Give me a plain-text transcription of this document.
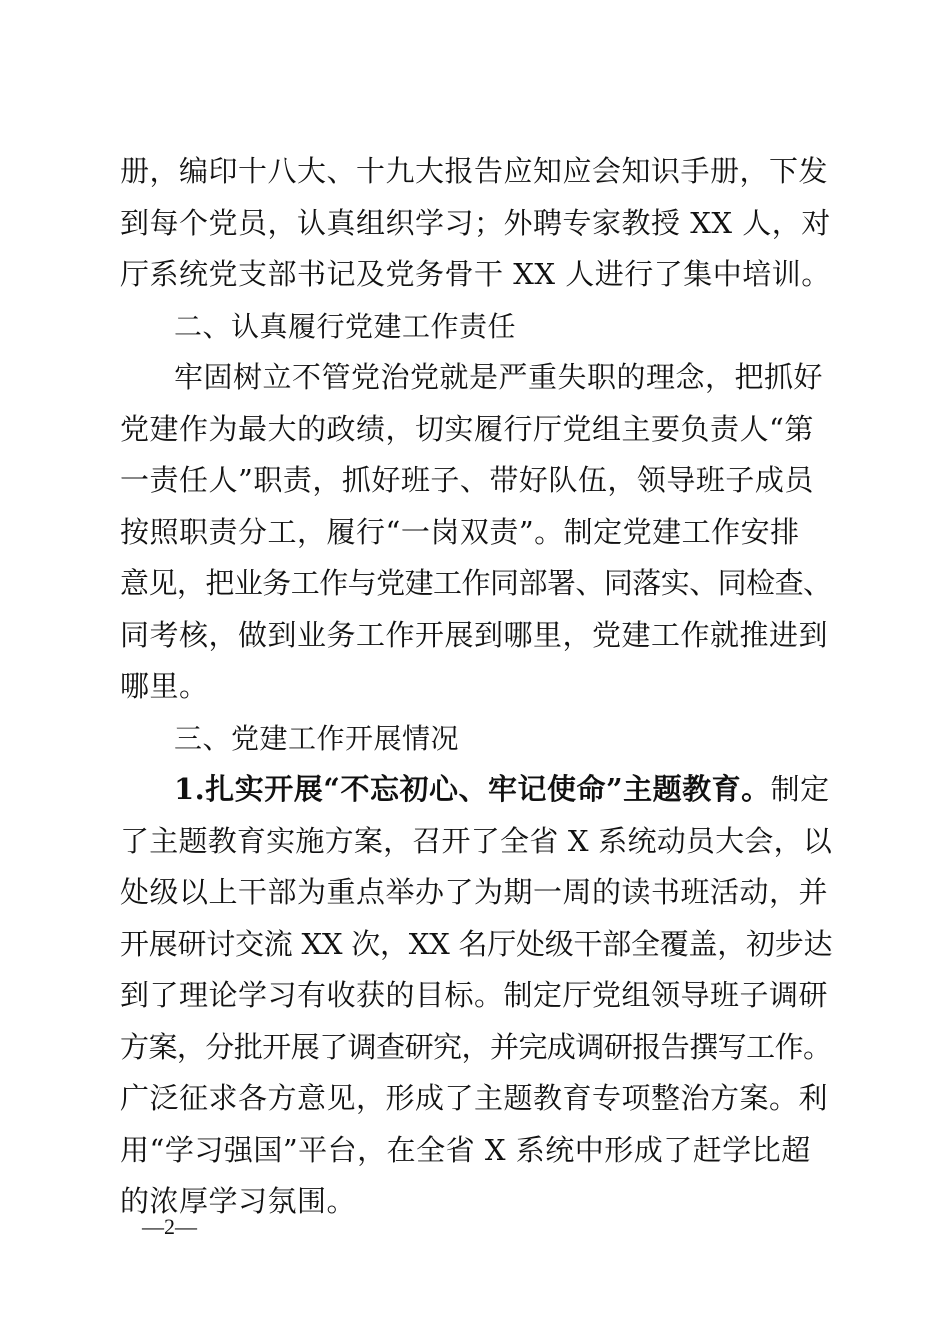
册，编印十八大、十九大报告应知应会知识手册，下发
到每个党员，认真组织学习；外聘专家教授 XX 人，对
厅系统党支部书记及党务骨干 XX 人进行了集中培训。
二、认真履行党建工作责任
牢固树立不管党治党就是严重失职的理念，把抓好
党建作为最大的政绩，切实履行厅党组主要负责人“第
一责任人”职责，抓好班子、带好队伍，领导班子成员
按照职责分工，履行“一岗双责”。制定党建工作安排
意见，把业务工作与党建工作同部署、同落实、同检查、
同考核，做到业务工作开展到哪里，党建工作就推进到
哪里。
三、党建工作开展情况
1.扎实开展“不忘初心、牢记使命”主题教育。制定
了主题教育实施方案，召开了全省 X 系统动员大会，以
处级以上干部为重点举办了为期一周的读书班活动，并
开展研讨交流 XX 次，XX 名厅处级干部全覆盖，初步达
到了理论学习有收获的目标。制定厅党组领导班子调研
方案，分批开展了调查研究，并完成调研报告撰写工作。
广泛征求各方意见，形成了主题教育专项整治方案。利
用“学习强国”平台，在全省 X 系统中形成了赶学比超
的浓厚学习氛围。
—2—
